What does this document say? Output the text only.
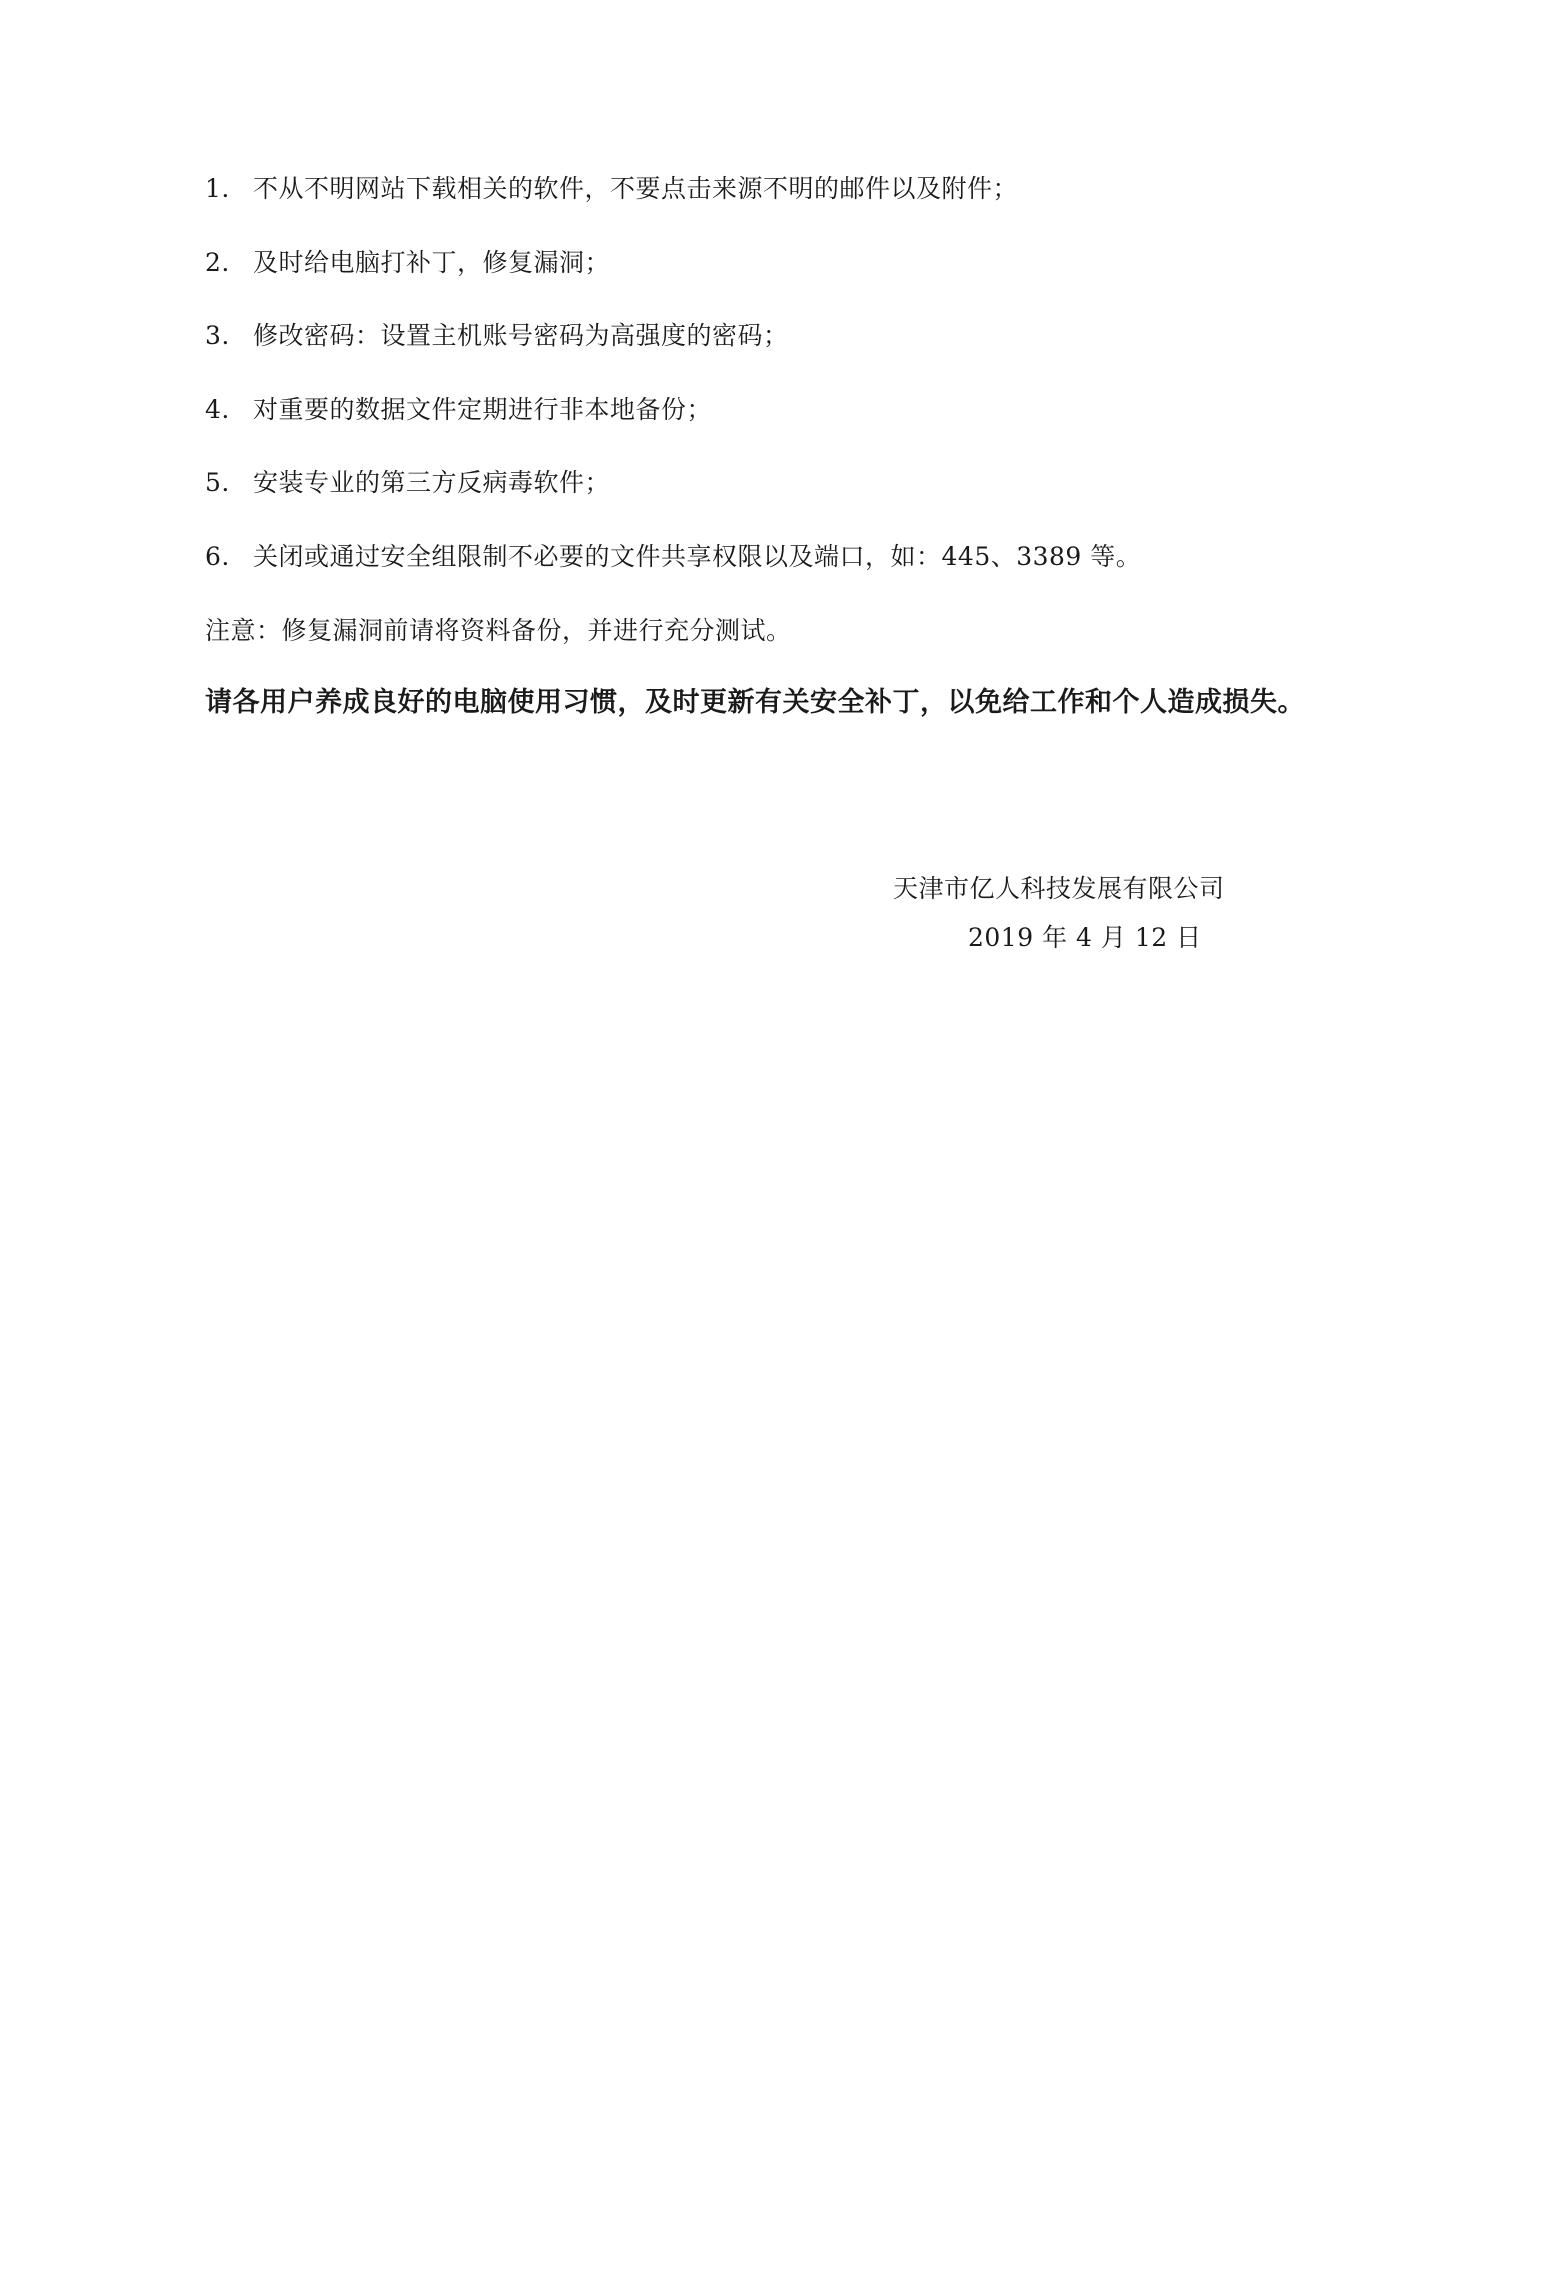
1. 不从不明网站下载相关的软件，不要点击来源不明的邮件以及附件；
2. 及时给电脑打补丁，修复漏洞；
3. 修改密码：设置主机账号密码为高强度的密码；
4. 对重要的数据文件定期进行非本地备份；
5. 安装专业的第三方反病毒软件；
6. 关闭或通过安全组限制不必要的文件共享权限以及端口，如：445、3389 等。
注意：修复漏洞前请将资料备份，并进行充分测试。
请各用户养成良好的电脑使用习惯，及时更新有关安全补丁，以免给工作和个人造成损失。
天津市亿人科技发展有限公司
2019 年 4 月 12 日
